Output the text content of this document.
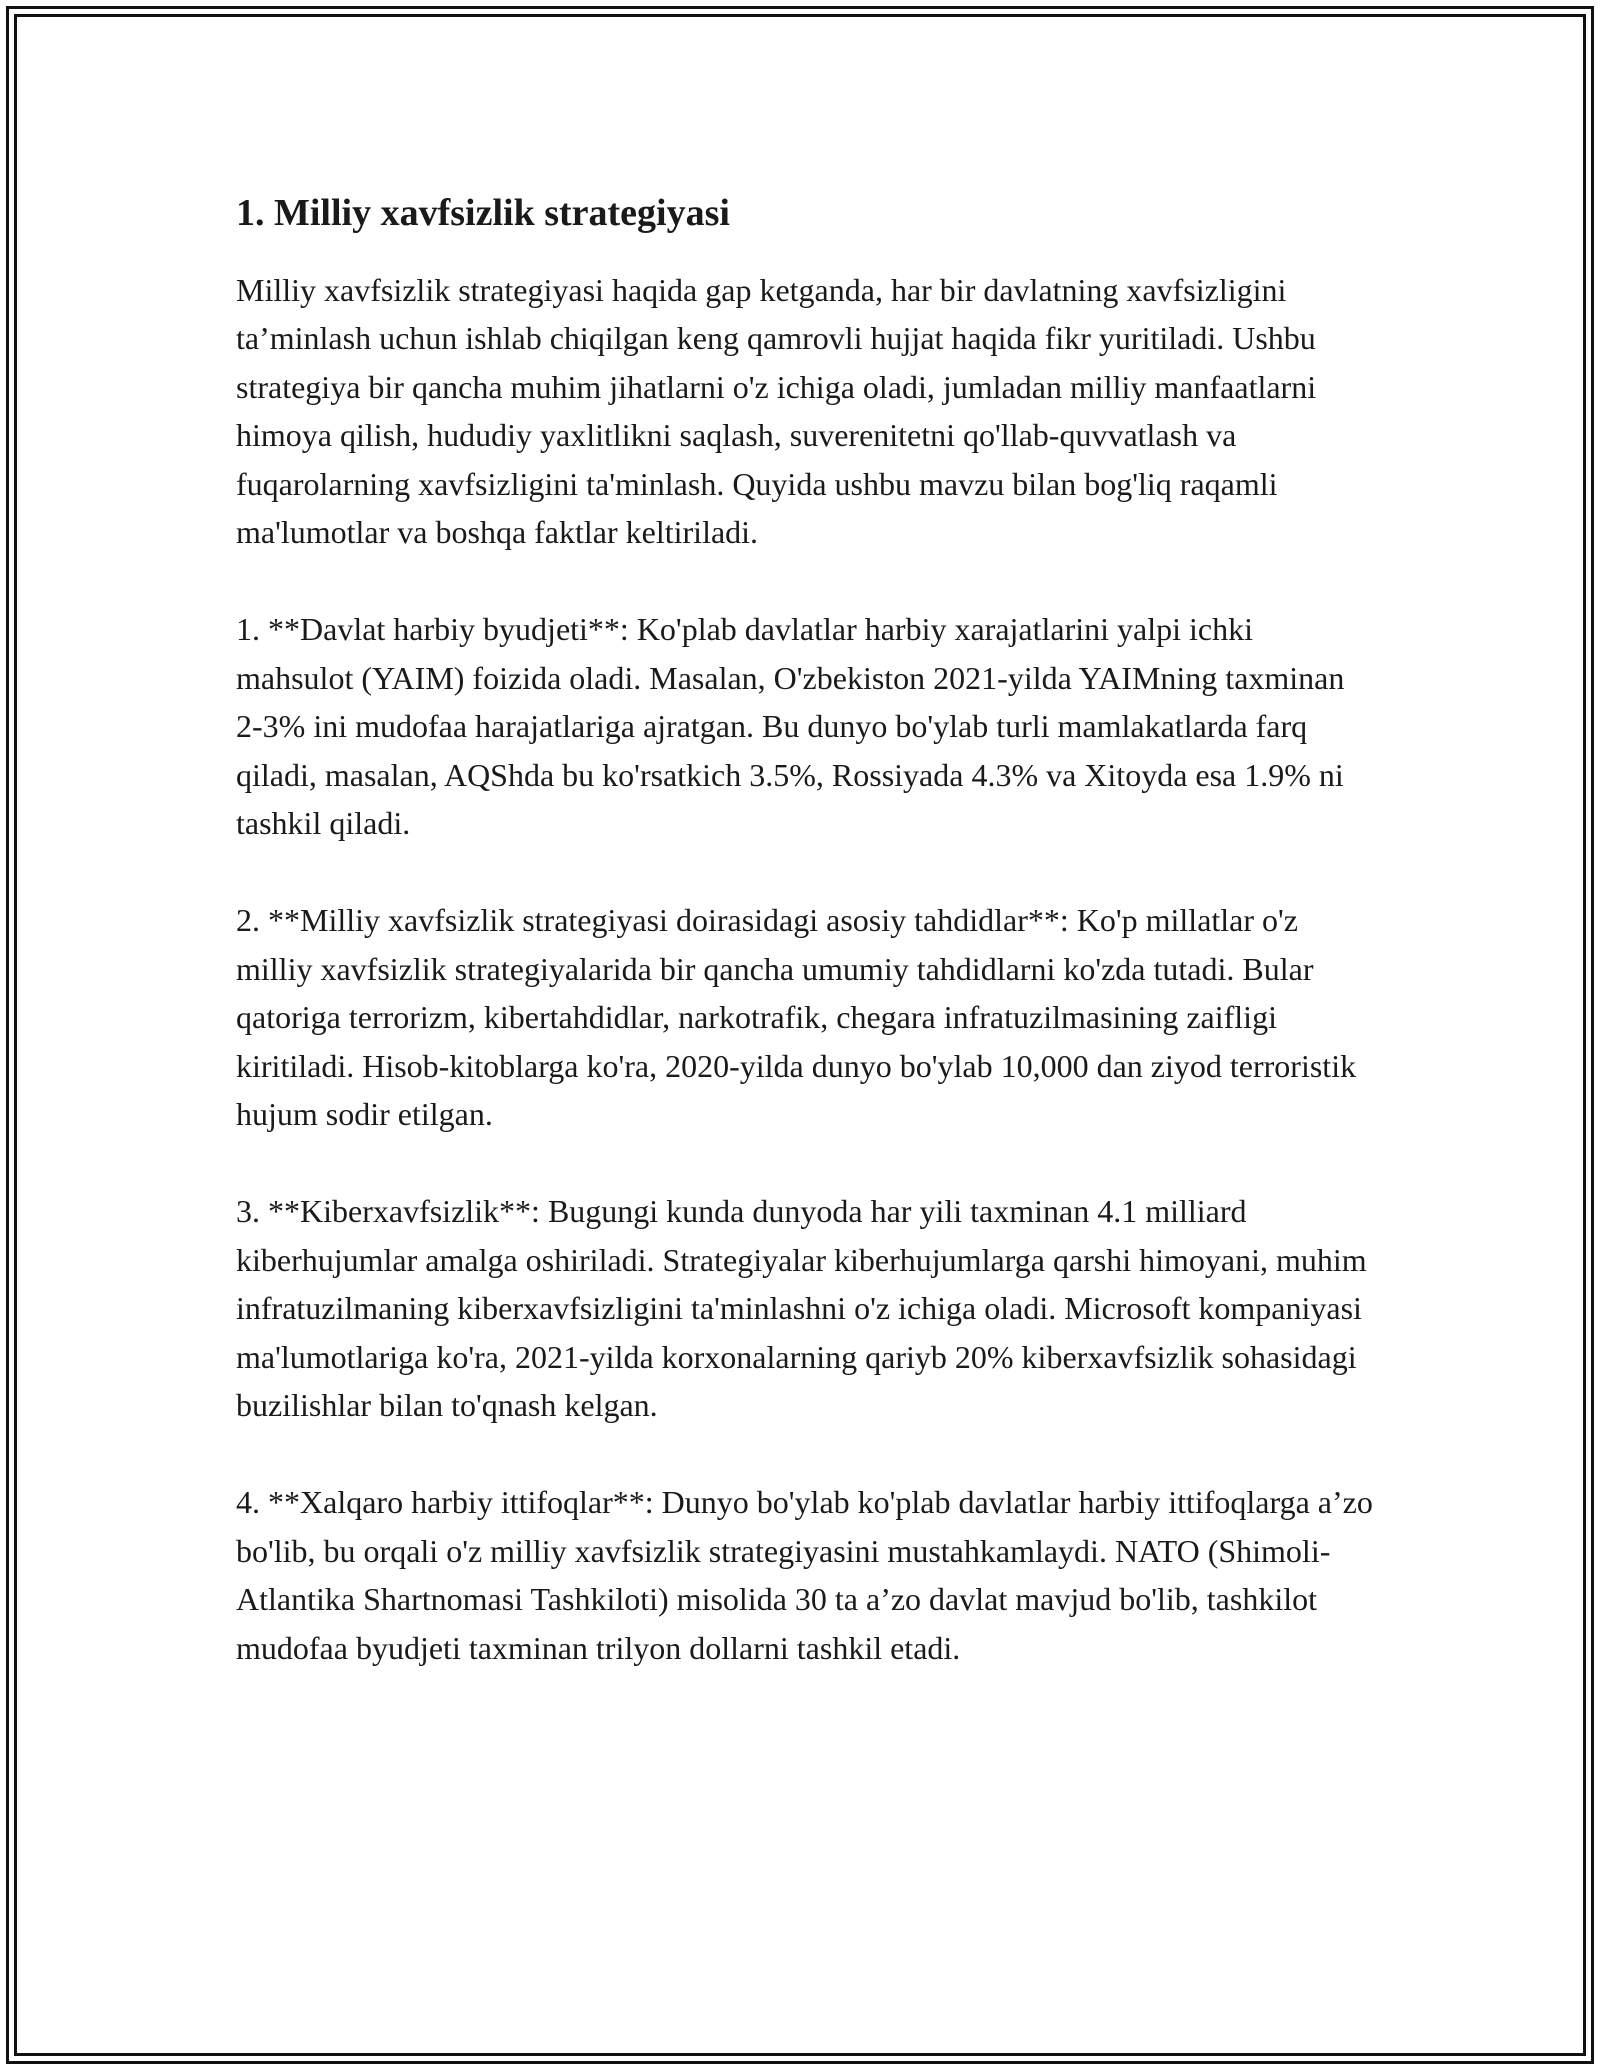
1. Milliy xavfsizlik strategiyasi

Milliy xavfsizlik strategiyasi haqida gap ketganda, har bir davlatning xavfsizligini ta’minlash uchun ishlab chiqilgan keng qamrovli hujjat haqida fikr yuritiladi. Ushbu strategiya bir qancha muhim jihatlarni o'z ichiga oladi, jumladan milliy manfaatlarni himoya qilish, hududiy yaxlitlikni saqlash, suverenitetni qo'llab-quvvatlash va fuqarolarning xavfsizligini ta'minlash. Quyida ushbu mavzu bilan bog'liq raqamli ma'lumotlar va boshqa faktlar keltiriladi.

1. **Davlat harbiy byudjeti**: Ko'plab davlatlar harbiy xarajatlarini yalpi ichki mahsulot (YAIM) foizida oladi. Masalan, O'zbekiston 2021-yilda YAIMning taxminan 2-3% ini mudofaa harajatlariga ajratgan. Bu dunyo bo'ylab turli mamlakatlarda farq qiladi, masalan, AQShda bu ko'rsatkich 3.5%, Rossiyada 4.3% va Xitoyda esa 1.9% ni tashkil qiladi.

2. **Milliy xavfsizlik strategiyasi doirasidagi asosiy tahdidlar**: Ko'p millatlar o'z milliy xavfsizlik strategiyalarida bir qancha umumiy tahdidlarni ko'zda tutadi. Bular qatoriga terrorizm, kibertahdidlar, narkotrafik, chegara infratuzilmasining zaifligi kiritiladi. Hisob-kitoblarga ko'ra, 2020-yilda dunyo bo'ylab 10,000 dan ziyod terroristik hujum sodir etilgan.

3. **Kiberxavfsizlik**: Bugungi kunda dunyoda har yili taxminan 4.1 milliard kiberhujumlar amalga oshiriladi. Strategiyalar kiberhujumlarga qarshi himoyani, muhim infratuzilmaning kiberxavfsizligini ta'minlashni o'z ichiga oladi. Microsoft kompaniyasi ma'lumotlariga ko'ra, 2021-yilda korxonalarning qariyb 20% kiberxavfsizlik sohasidagi buzilishlar bilan to'qnash kelgan.

4. **Xalqaro harbiy ittifoqlar**: Dunyo bo'ylab ko'plab davlatlar harbiy ittifoqlarga a’zo bo'lib, bu orqali o'z milliy xavfsizlik strategiyasini mustahkamlaydi. NATO (Shimoli-Atlantika Shartnomasi Tashkiloti) misolida 30 ta a’zo davlat mavjud bo'lib, tashkilot mudofaa byudjeti taxminan trilyon dollarni tashkil etadi.
